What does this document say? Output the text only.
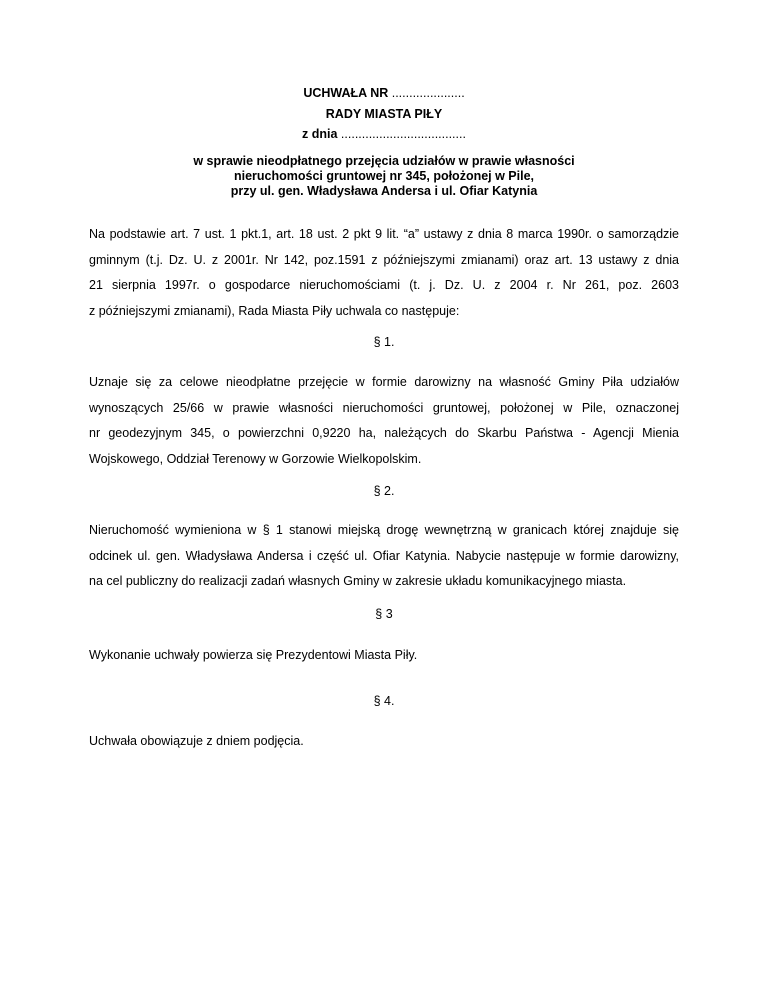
UCHWAŁA NR .....................
RADY MIASTA PIŁY
z dnia ....................................
w sprawie nieodpłatnego przejęcia udziałów w prawie własności
nieruchomości gruntowej nr 345, położonej w Pile,
przy ul. gen. Władysława Andersa i ul. Ofiar Katynia
Na podstawie art. 7 ust. 1 pkt.1, art. 18 ust. 2 pkt 9 lit. “a” ustawy z dnia 8 marca 1990r. o samorządzie
gminnym (t.j. Dz. U. z 2001r. Nr 142, poz.1591 z późniejszymi zmianami) oraz art. 13 ustawy z dnia
21 sierpnia 1997r. o gospodarce nieruchomościami (t. j. Dz. U. z 2004 r. Nr 261, poz. 2603
z późniejszymi zmianami), Rada Miasta Piły uchwala co następuje:
§ 1.
Uznaje się za celowe nieodpłatne przejęcie w formie darowizny na własność Gminy Piła udziałów
wynoszących 25/66 w prawie własności nieruchomości gruntowej, położonej w Pile, oznaczonej
nr geodezyjnym 345, o powierzchni 0,9220 ha, należących do Skarbu Państwa - Agencji Mienia
Wojskowego, Oddział Terenowy w Gorzowie Wielkopolskim.
§ 2.
Nieruchomość wymieniona w § 1 stanowi miejską drogę wewnętrzną w granicach której znajduje się
odcinek ul. gen. Władysława Andersa i część ul. Ofiar Katynia. Nabycie następuje w formie darowizny,
na cel publiczny do realizacji zadań własnych Gminy w zakresie układu komunikacyjnego miasta.
§ 3
Wykonanie uchwały powierza się Prezydentowi Miasta Piły.
§ 4.
Uchwała obowiązuje z dniem podjęcia.
